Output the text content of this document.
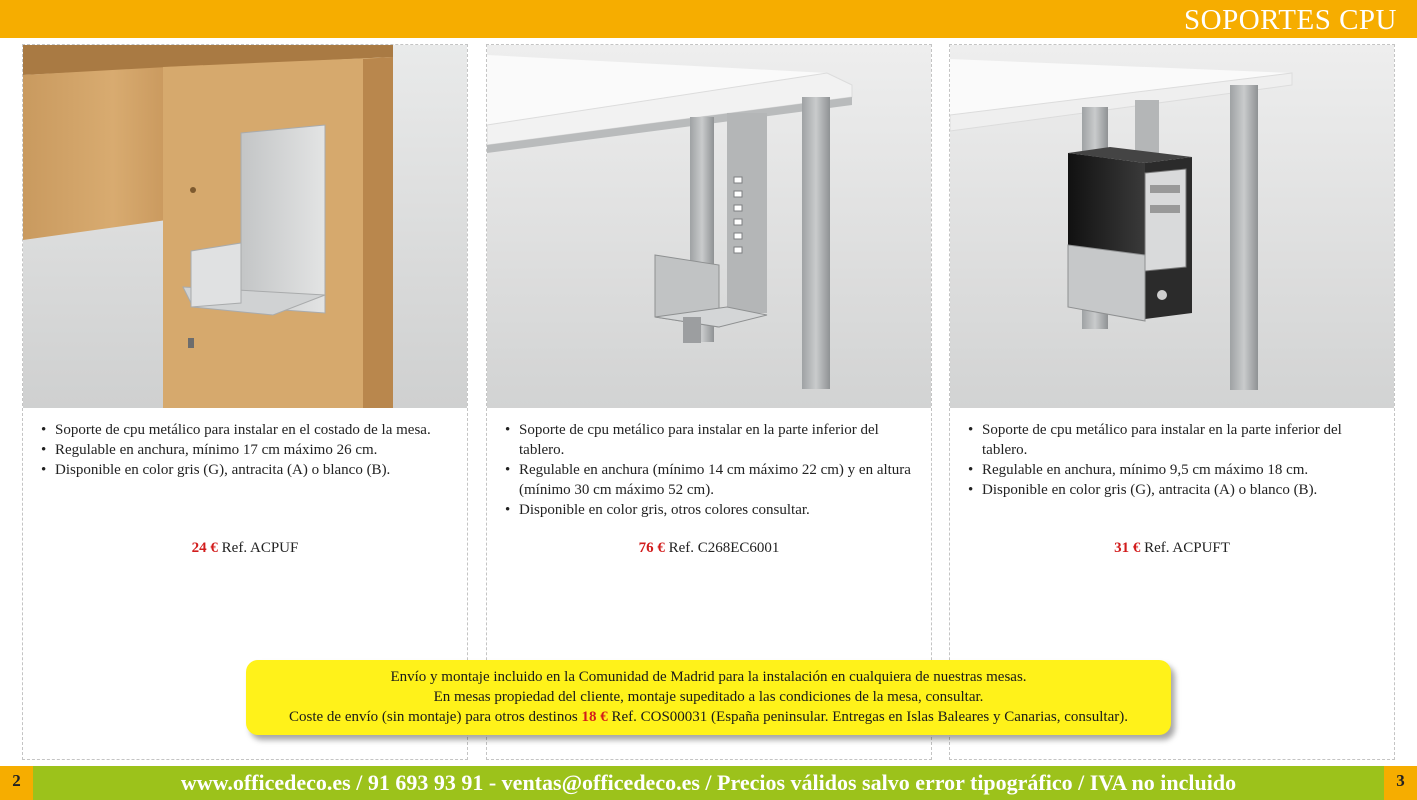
SOPORTES CPU
• Soporte de cpu metálico para instalar en el costado de la mesa.
• Regulable en anchura, mínimo 17 cm máximo 26 cm.
• Disponible en color gris (G), antracita (A) o blanco (B).
24 € Ref. ACPUF
• Soporte de cpu metálico para instalar en la parte inferior del tablero.
• Regulable en anchura (mínimo 14 cm máximo 22 cm) y en altura (mínimo 30 cm máximo 52 cm).
• Disponible en color gris, otros colores consultar.
76 € Ref. C268EC6001
• Soporte de cpu metálico para instalar en la parte inferior del tablero.
• Regulable en anchura, mínimo 9,5 cm máximo 18 cm.
• Disponible en color gris (G), antracita (A) o blanco (B).
31 € Ref. ACPUFT
Envío y montaje incluido en la Comunidad de Madrid para la instalación en cualquiera de nuestras mesas.
En mesas propiedad del cliente, montaje supeditado a las condiciones de la mesa, consultar.
Coste de envío (sin montaje) para otros destinos 18 € Ref. COS00031 (España peninsular. Entregas en Islas Baleares y Canarias, consultar).
2	www.officedeco.es / 91 693 93 91 - ventas@officedeco.es / Precios válidos salvo error tipográfico / IVA no incluido	3
